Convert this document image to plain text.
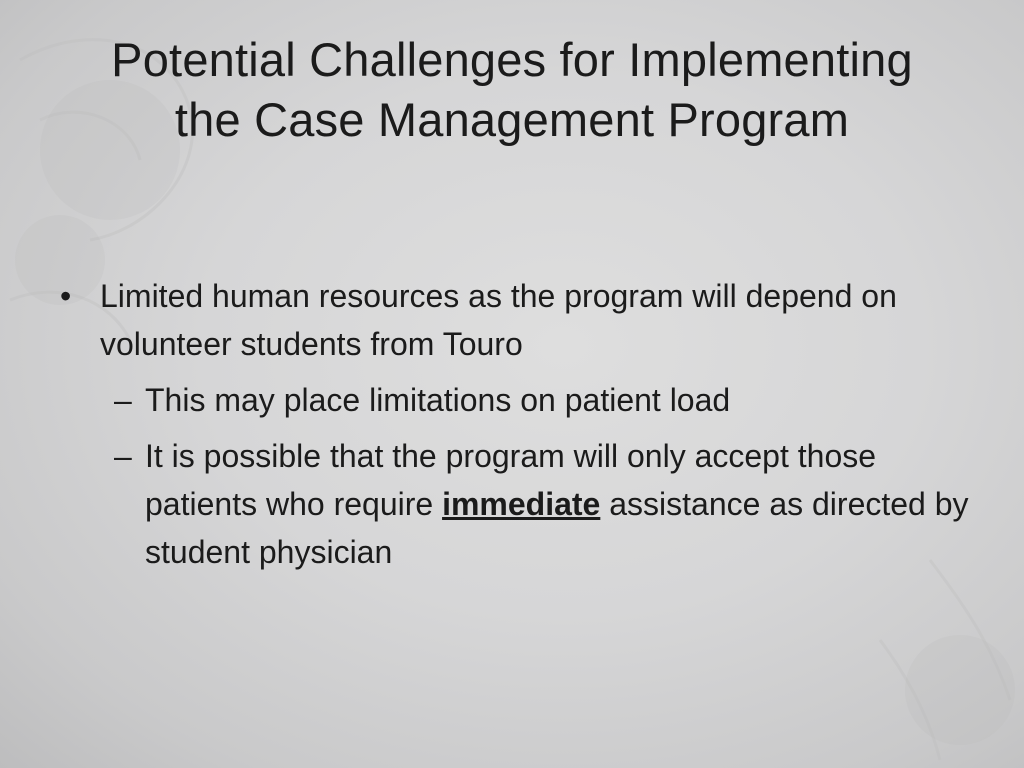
Potential Challenges for Implementing
the Case Management Program
• Limited human resources as the program will depend on volunteer students from Touro
– This may place limitations on patient load
– It is possible that the program will only accept those patients who require immediate assistance as directed by student physician
